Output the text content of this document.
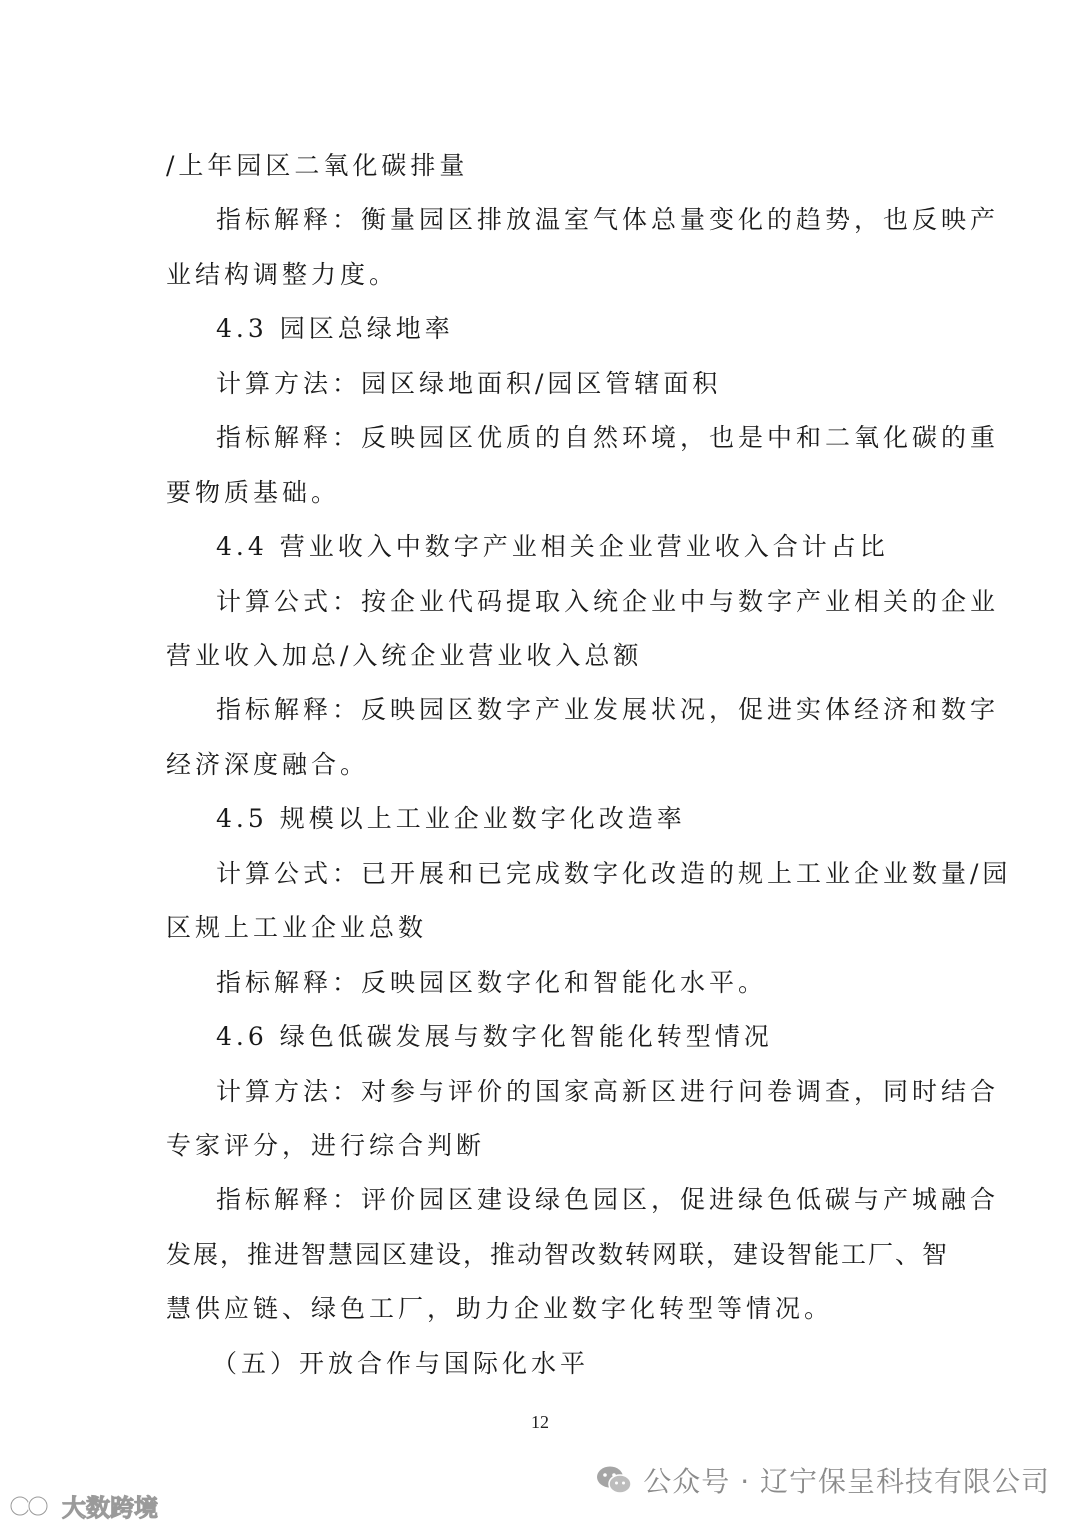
/上年园区二氧化碳排量
指标解释：衡量园区排放温室气体总量变化的趋势，也反映产
业结构调整力度。
4.3 园区总绿地率
计算方法：园区绿地面积/园区管辖面积
指标解释：反映园区优质的自然环境，也是中和二氧化碳的重
要物质基础。
4.4 营业收入中数字产业相关企业营业收入合计占比
计算公式：按企业代码提取入统企业中与数字产业相关的企业
营业收入加总/入统企业营业收入总额
指标解释：反映园区数字产业发展状况，促进实体经济和数字
经济深度融合。
4.5 规模以上工业企业数字化改造率
计算公式：已开展和已完成数字化改造的规上工业企业数量/园
区规上工业企业总数
指标解释：反映园区数字化和智能化水平。
4.6 绿色低碳发展与数字化智能化转型情况
计算方法：对参与评价的国家高新区进行问卷调查，同时结合
专家评分，进行综合判断
指标解释：评价园区建设绿色园区，促进绿色低碳与产城融合
发展，推进智慧园区建设，推动智改数转网联，建设智能工厂、智
慧供应链、绿色工厂，助力企业数字化转型等情况。
（五）开放合作与国际化水平
12
公众号 · 辽宁保呈科技有限公司
大数跨境
